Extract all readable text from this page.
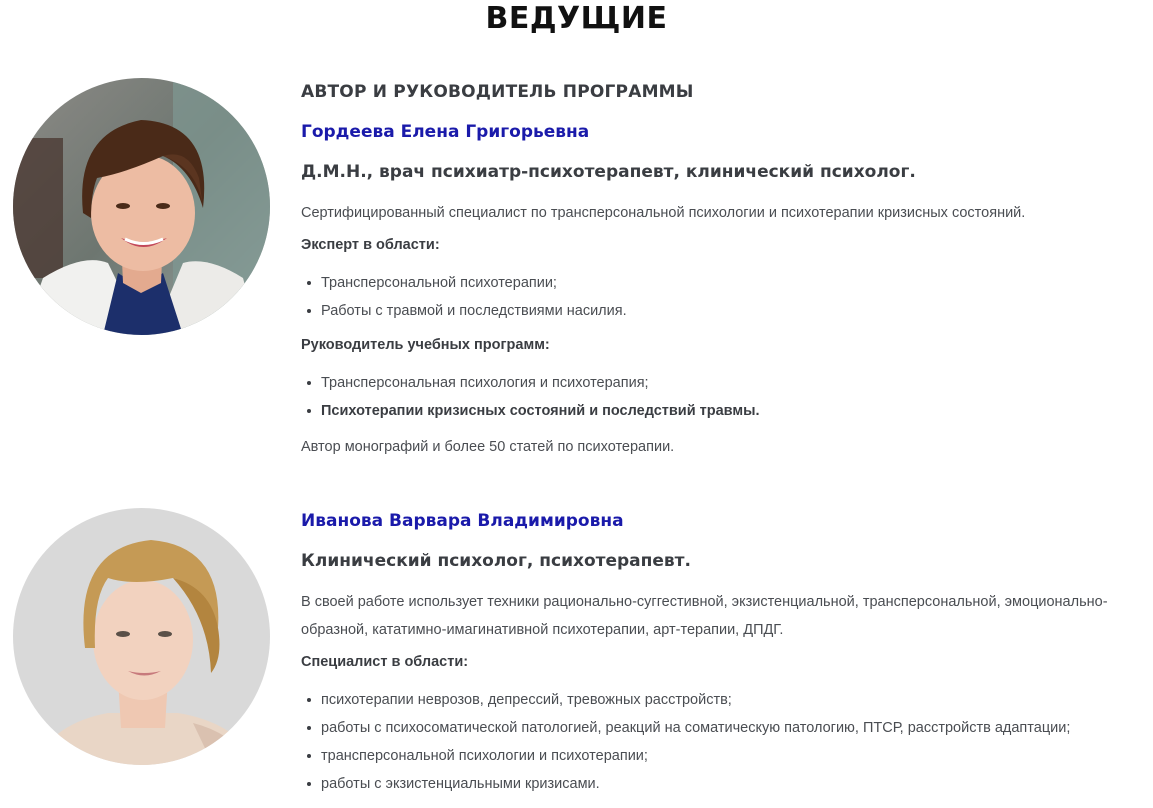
ВЕДУЩИЕ
АВТОР И РУКОВОДИТЕЛЬ ПРОГРАММЫ
Гордеева Елена Григорьевна
Д.М.Н., врач психиатр-психотерапевт, клинический психолог.
Сертифицированный специалист по трансперсональной психологии и психотерапии кризисных состояний.
Эксперт в области:
Трансперсональной психотерапии;
Работы с травмой и последствиями насилия.
Руководитель учебных программ:
Трансперсональная психология и психотерапия;
Психотерапии кризисных состояний и последствий травмы.
Автор монографий и более 50 статей по психотерапии.
Иванова Варвара Владимировна
Клинический психолог, психотерапевт.
В своей работе использует техники рационально-суггестивной, экзистенциальной, трансперсональной, эмоционально-образной, кататимно-имагинативной психотерапии, арт-терапии, ДПДГ.
Специалист в области:
психотерапии неврозов, депрессий, тревожных расстройств;
работы с психосоматической патологией, реакций на соматическую патологию, ПТСР, расстройств адаптации;
трансперсональной психологии и психотерапии;
работы с экзистенциальными кризисами.
